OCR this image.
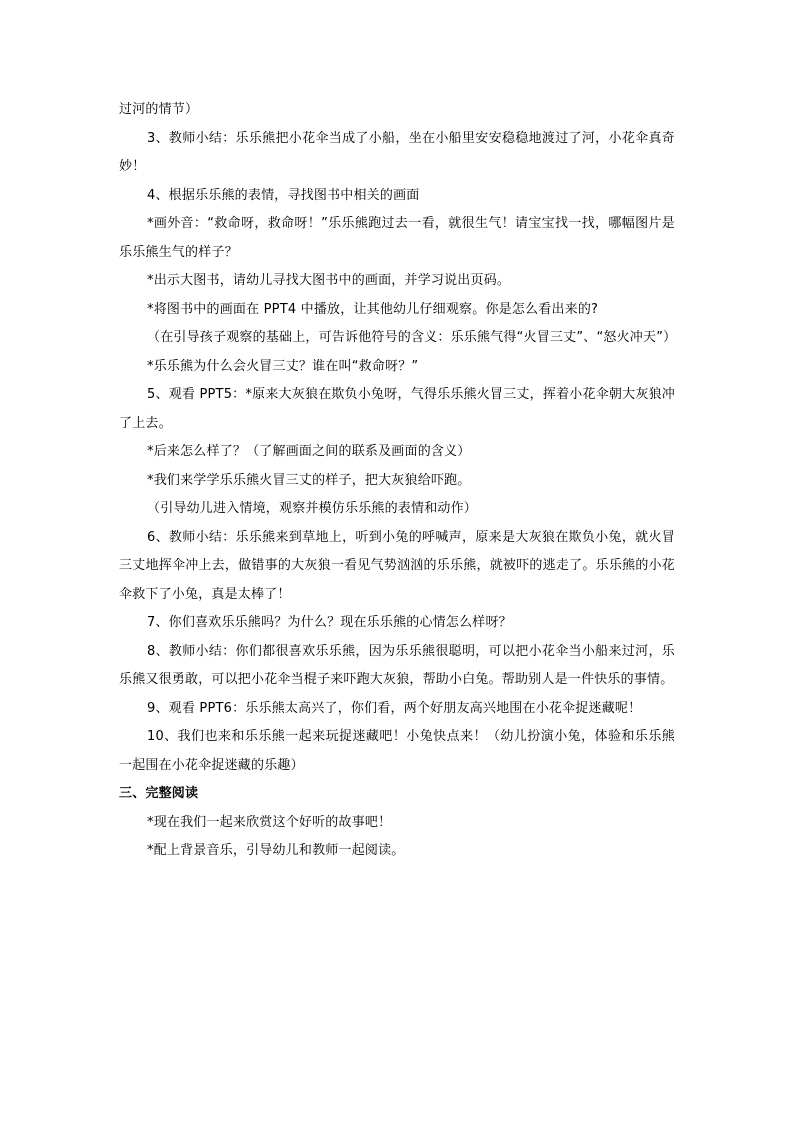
过河的情节）

3、教师小结：乐乐熊把小花伞当成了小船，坐在小船里安安稳稳地渡过了河，小花伞真奇妙！

4、根据乐乐熊的表情，寻找图书中相关的画面

*画外音：“救命呀，救命呀！”乐乐熊跑过去一看，就很生气！请宝宝找一找，哪幅图片是乐乐熊生气的样子？

*出示大图书，请幼儿寻找大图书中的画面，并学习说出页码。

*将图书中的画面在 PPT4 中播放，让其他幼儿仔细观察。你是怎么看出来的?

（在引导孩子观察的基础上，可告诉他符号的含义：乐乐熊气得“火冒三丈”、“怒火冲天”）

*乐乐熊为什么会火冒三丈？谁在叫“救命呀？”

5、观看 PPT5：*原来大灰狼在欺负小兔呀，气得乐乐熊火冒三丈，挥着小花伞朝大灰狼冲了上去。

*后来怎么样了？（了解画面之间的联系及画面的含义）

*我们来学学乐乐熊火冒三丈的样子，把大灰狼给吓跑。

（引导幼儿进入情境，观察并模仿乐乐熊的表情和动作）

6、教师小结：乐乐熊来到草地上，听到小兔的呼喊声，原来是大灰狼在欺负小兔，就火冒三丈地挥伞冲上去，做错事的大灰狼一看见气势汹汹的乐乐熊，就被吓的逃走了。乐乐熊的小花伞救下了小兔，真是太棒了！

7、你们喜欢乐乐熊吗？为什么？现在乐乐熊的心情怎么样呀？

8、教师小结：你们都很喜欢乐乐熊，因为乐乐熊很聪明，可以把小花伞当小船来过河，乐乐熊又很勇敢，可以把小花伞当棍子来吓跑大灰狼，帮助小白兔。帮助别人是一件快乐的事情。

9、观看 PPT6：乐乐熊太高兴了，你们看，两个好朋友高兴地围在小花伞捉迷藏呢！

10、我们也来和乐乐熊一起来玩捉迷藏吧！小兔快点来！（幼儿扮演小兔，体验和乐乐熊一起围在小花伞捉迷藏的乐趣）

三、完整阅读

*现在我们一起来欣赏这个好听的故事吧！

*配上背景音乐，引导幼儿和教师一起阅读。
